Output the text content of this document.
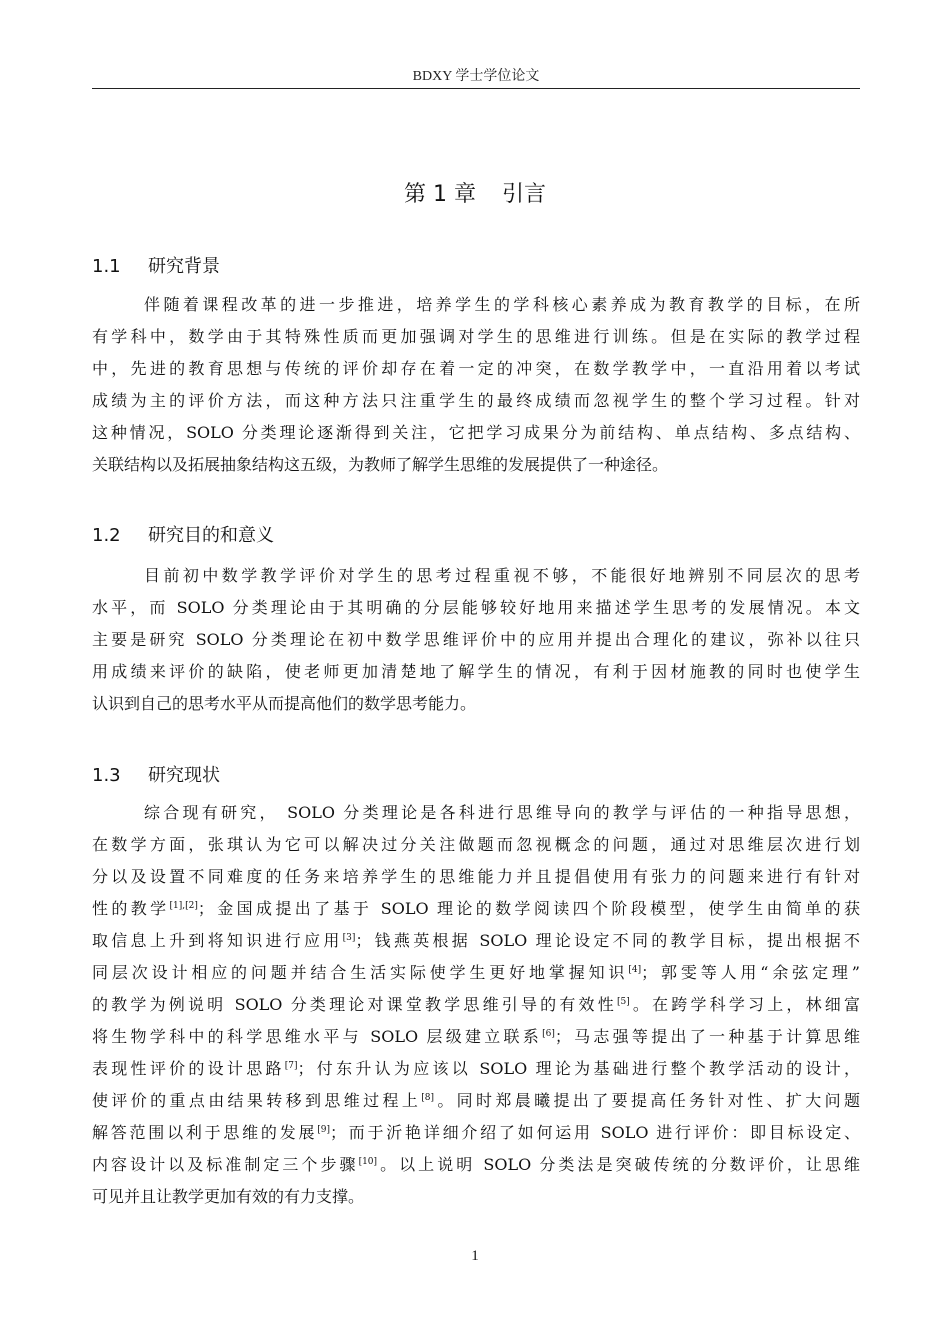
BDXY 学士学位论文
第 1 章 引言
1.1 研究背景
伴随着课程改革的进一步推进，培养学生的学科核心素养成为教育教学的目标，在所
有学科中，数学由于其特殊性质而更加强调对学生的思维进行训练。但是在实际的教学过程
中，先进的教育思想与传统的评价却存在着一定的冲突，在数学教学中，一直沿用着以考试
成绩为主的评价方法，而这种方法只注重学生的最终成绩而忽视学生的整个学习过程。针对
这种情况，SOLO 分类理论逐渐得到关注，它把学习成果分为前结构、单点结构、多点结构、
关联结构以及拓展抽象结构这五级，为教师了解学生思维的发展提供了一种途径。
1.2 研究目的和意义
目前初中数学教学评价对学生的思考过程重视不够，不能很好地辨别不同层次的思考
水平，而 SOLO 分类理论由于其明确的分层能够较好地用来描述学生思考的发展情况。本文
主要是研究 SOLO 分类理论在初中数学思维评价中的应用并提出合理化的建议，弥补以往只
用成绩来评价的缺陷，使老师更加清楚地了解学生的情况，有利于因材施教的同时也使学生
认识到自己的思考水平从而提高他们的数学思考能力。
1.3 研究现状
综合现有研究， SOLO 分类理论是各科进行思维导向的教学与评估的一种指导思想，
在数学方面，张琪认为它可以解决过分关注做题而忽视概念的问题，通过对思维层次进行划
分以及设置不同难度的任务来培养学生的思维能力并且提倡使用有张力的问题来进行有针对
性的教学[1],[2]；金国成提出了基于 SOLO 理论的数学阅读四个阶段模型，使学生由简单的获
取信息上升到将知识进行应用[3]；钱燕英根据 SOLO 理论设定不同的教学目标，提出根据不
同层次设计相应的问题并结合生活实际使学生更好地掌握知识[4]；郭雯等人用“余弦定理”
的教学为例说明 SOLO 分类理论对课堂教学思维引导的有效性[5]。在跨学科学习上，林细富
将生物学科中的科学思维水平与 SOLO 层级建立联系[6]；马志强等提出了一种基于计算思维
表现性评价的设计思路[7]；付东升认为应该以 SOLO 理论为基础进行整个教学活动的设计，
使评价的重点由结果转移到思维过程上[8]。同时郑晨曦提出了要提高任务针对性、扩大问题
解答范围以利于思维的发展[9]；而于沂艳详细介绍了如何运用 SOLO 进行评价：即目标设定、
内容设计以及标准制定三个步骤[10]。以上说明 SOLO 分类法是突破传统的分数评价，让思维
可见并且让教学更加有效的有力支撑。
1
